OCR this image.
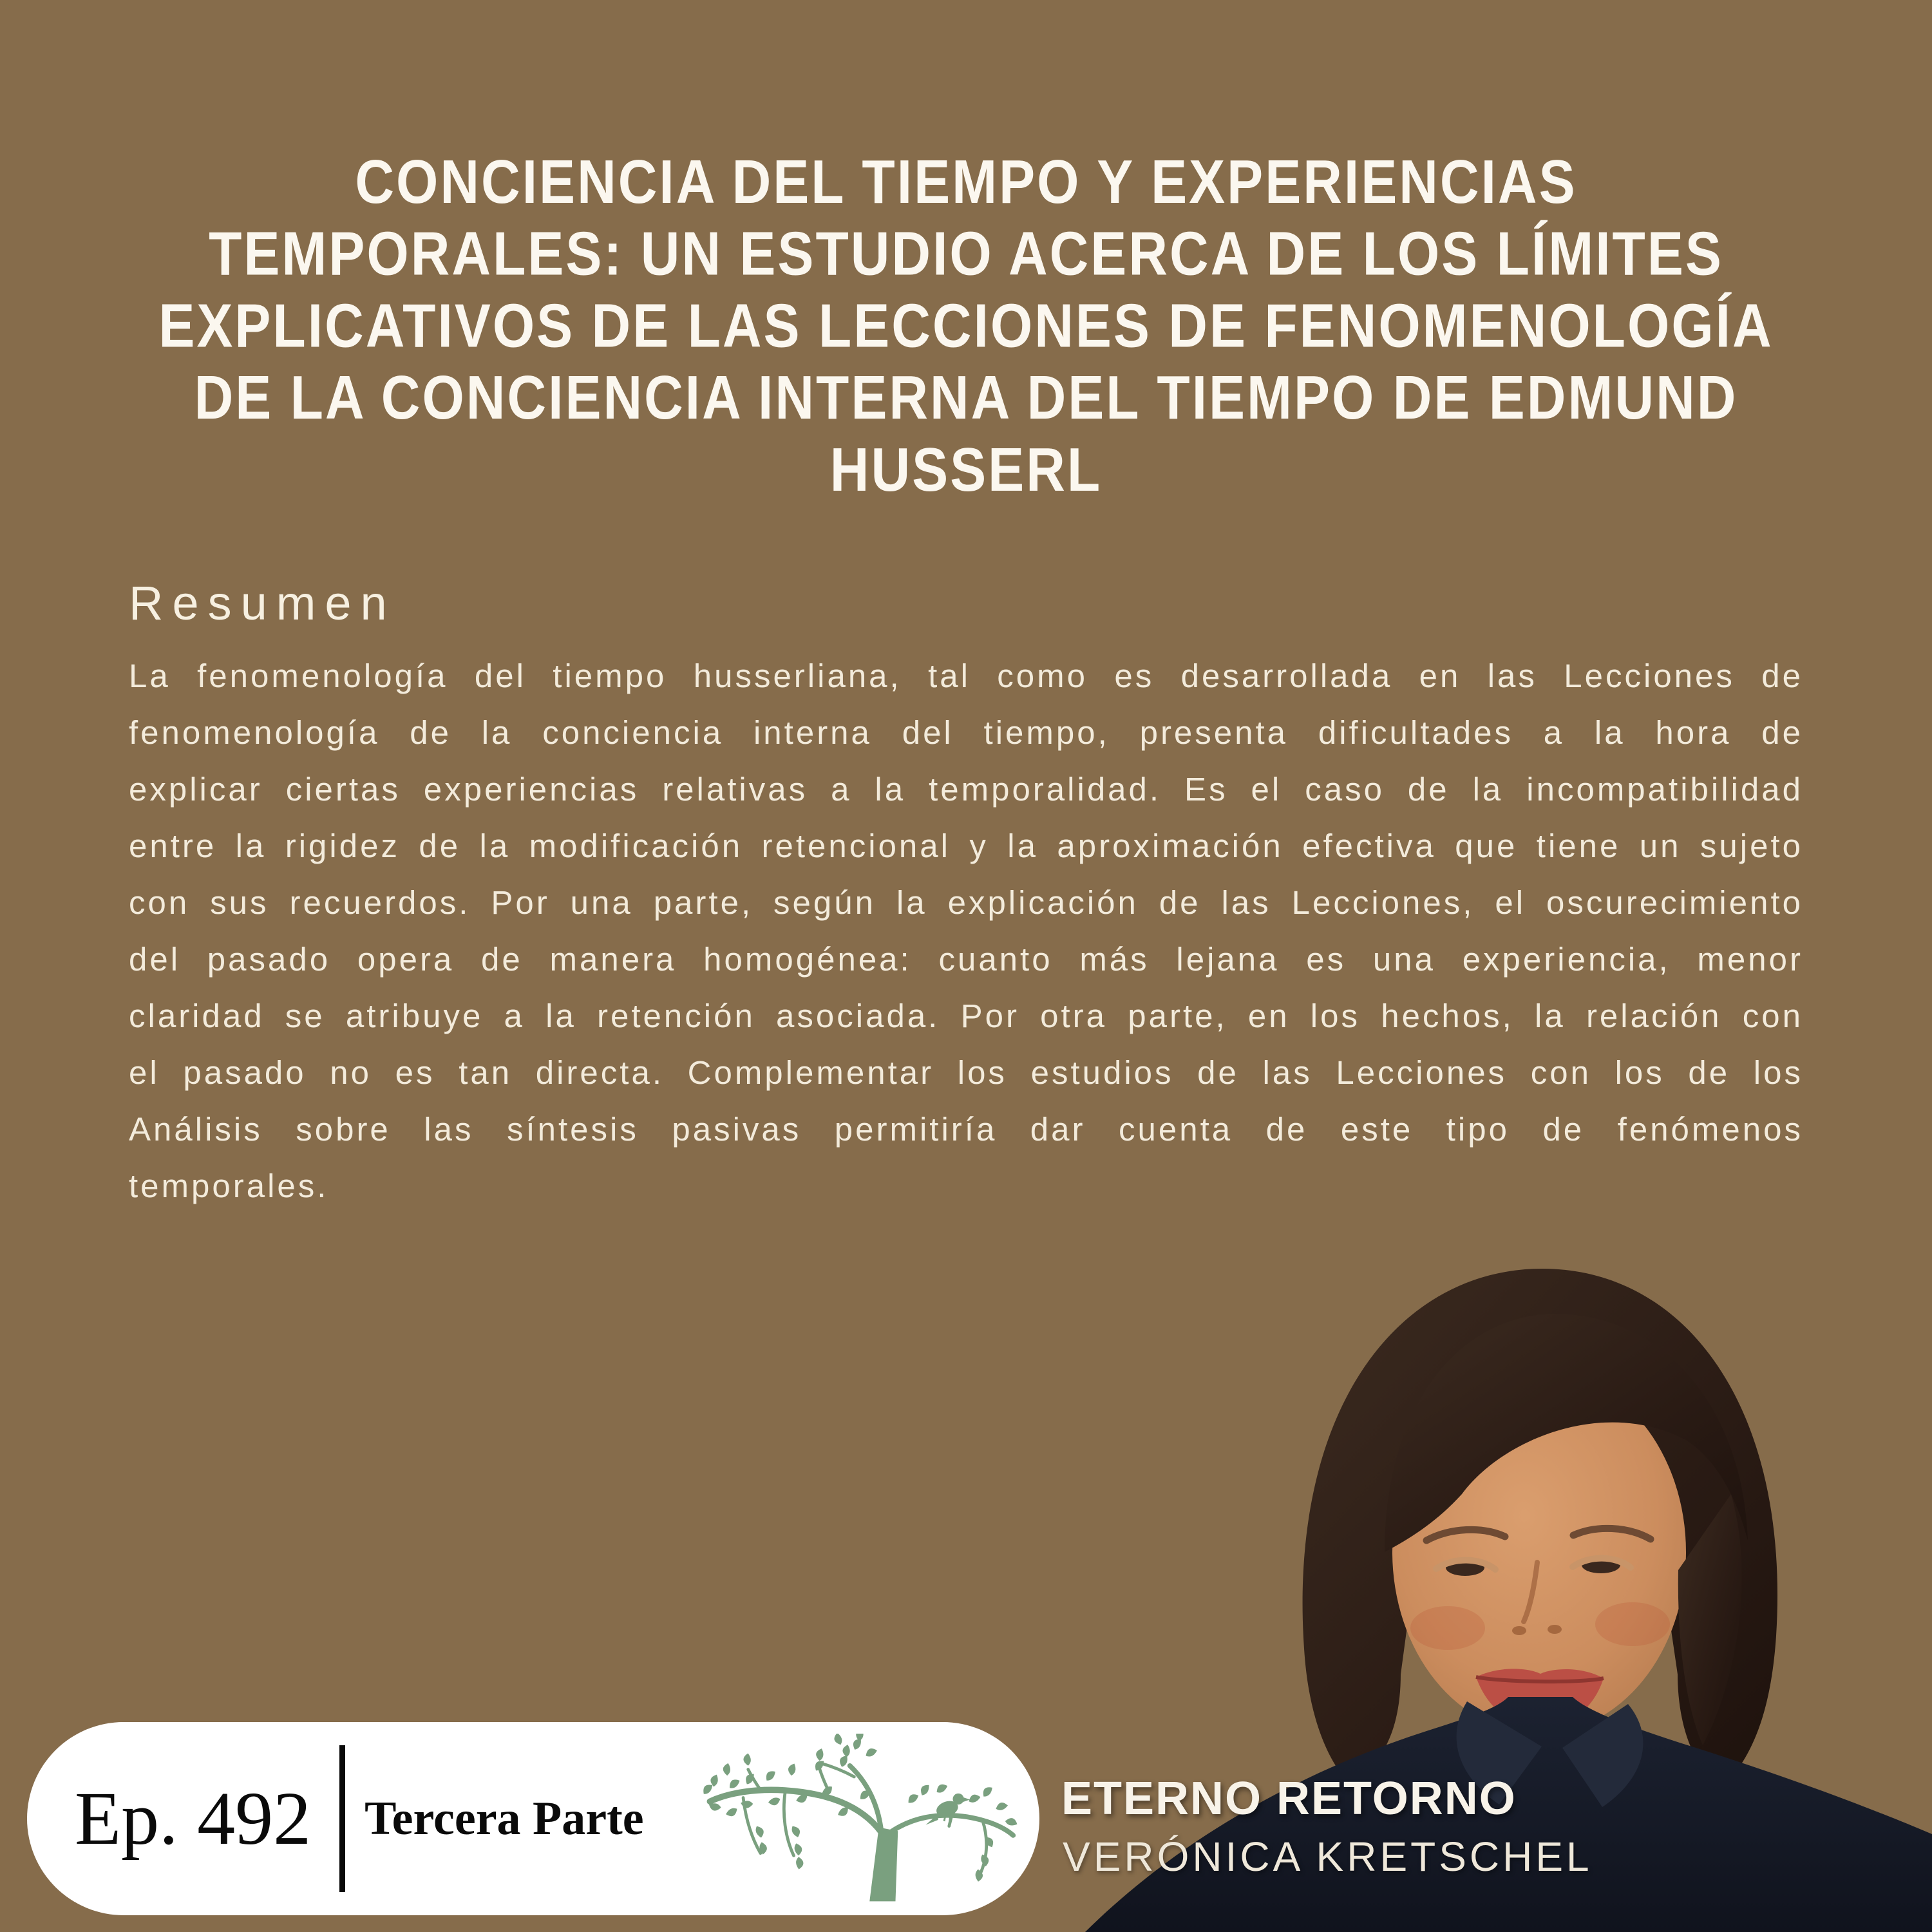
CONCIENCIA DEL TIEMPO Y EXPERIENCIAS
TEMPORALES: UN ESTUDIO ACERCA DE LOS LÍMITES
EXPLICATIVOS DE LAS LECCIONES DE FENOMENOLOGÍA
DE LA CONCIENCIA INTERNA DEL TIEMPO DE EDMUND
HUSSERL
Resumen
La fenomenología del tiempo husserliana, tal como es desarrollada en las Lecciones de fenomenología de la conciencia interna del tiempo, presenta dificultades a la hora de explicar ciertas experiencias relativas a la temporalidad. Es el caso de la incompatibilidad entre la rigidez de la modificación retencional y la aproximación efectiva que tiene un sujeto con sus recuerdos. Por una parte, según la explicación de las Lecciones, el oscurecimiento del pasado opera de manera homogénea: cuanto más lejana es una experiencia, menor claridad se atribuye a la retención asociada. Por otra parte, en los hechos, la relación con el pasado no es tan directa. Complementar los estudios de las Lecciones con los de los Análisis sobre las síntesis pasivas permitiría dar cuenta de este tipo de fenómenos temporales.
Ep. 492 Tercera Parte	ETERNO RETORNO
VERÓNICA KRETSCHEL
